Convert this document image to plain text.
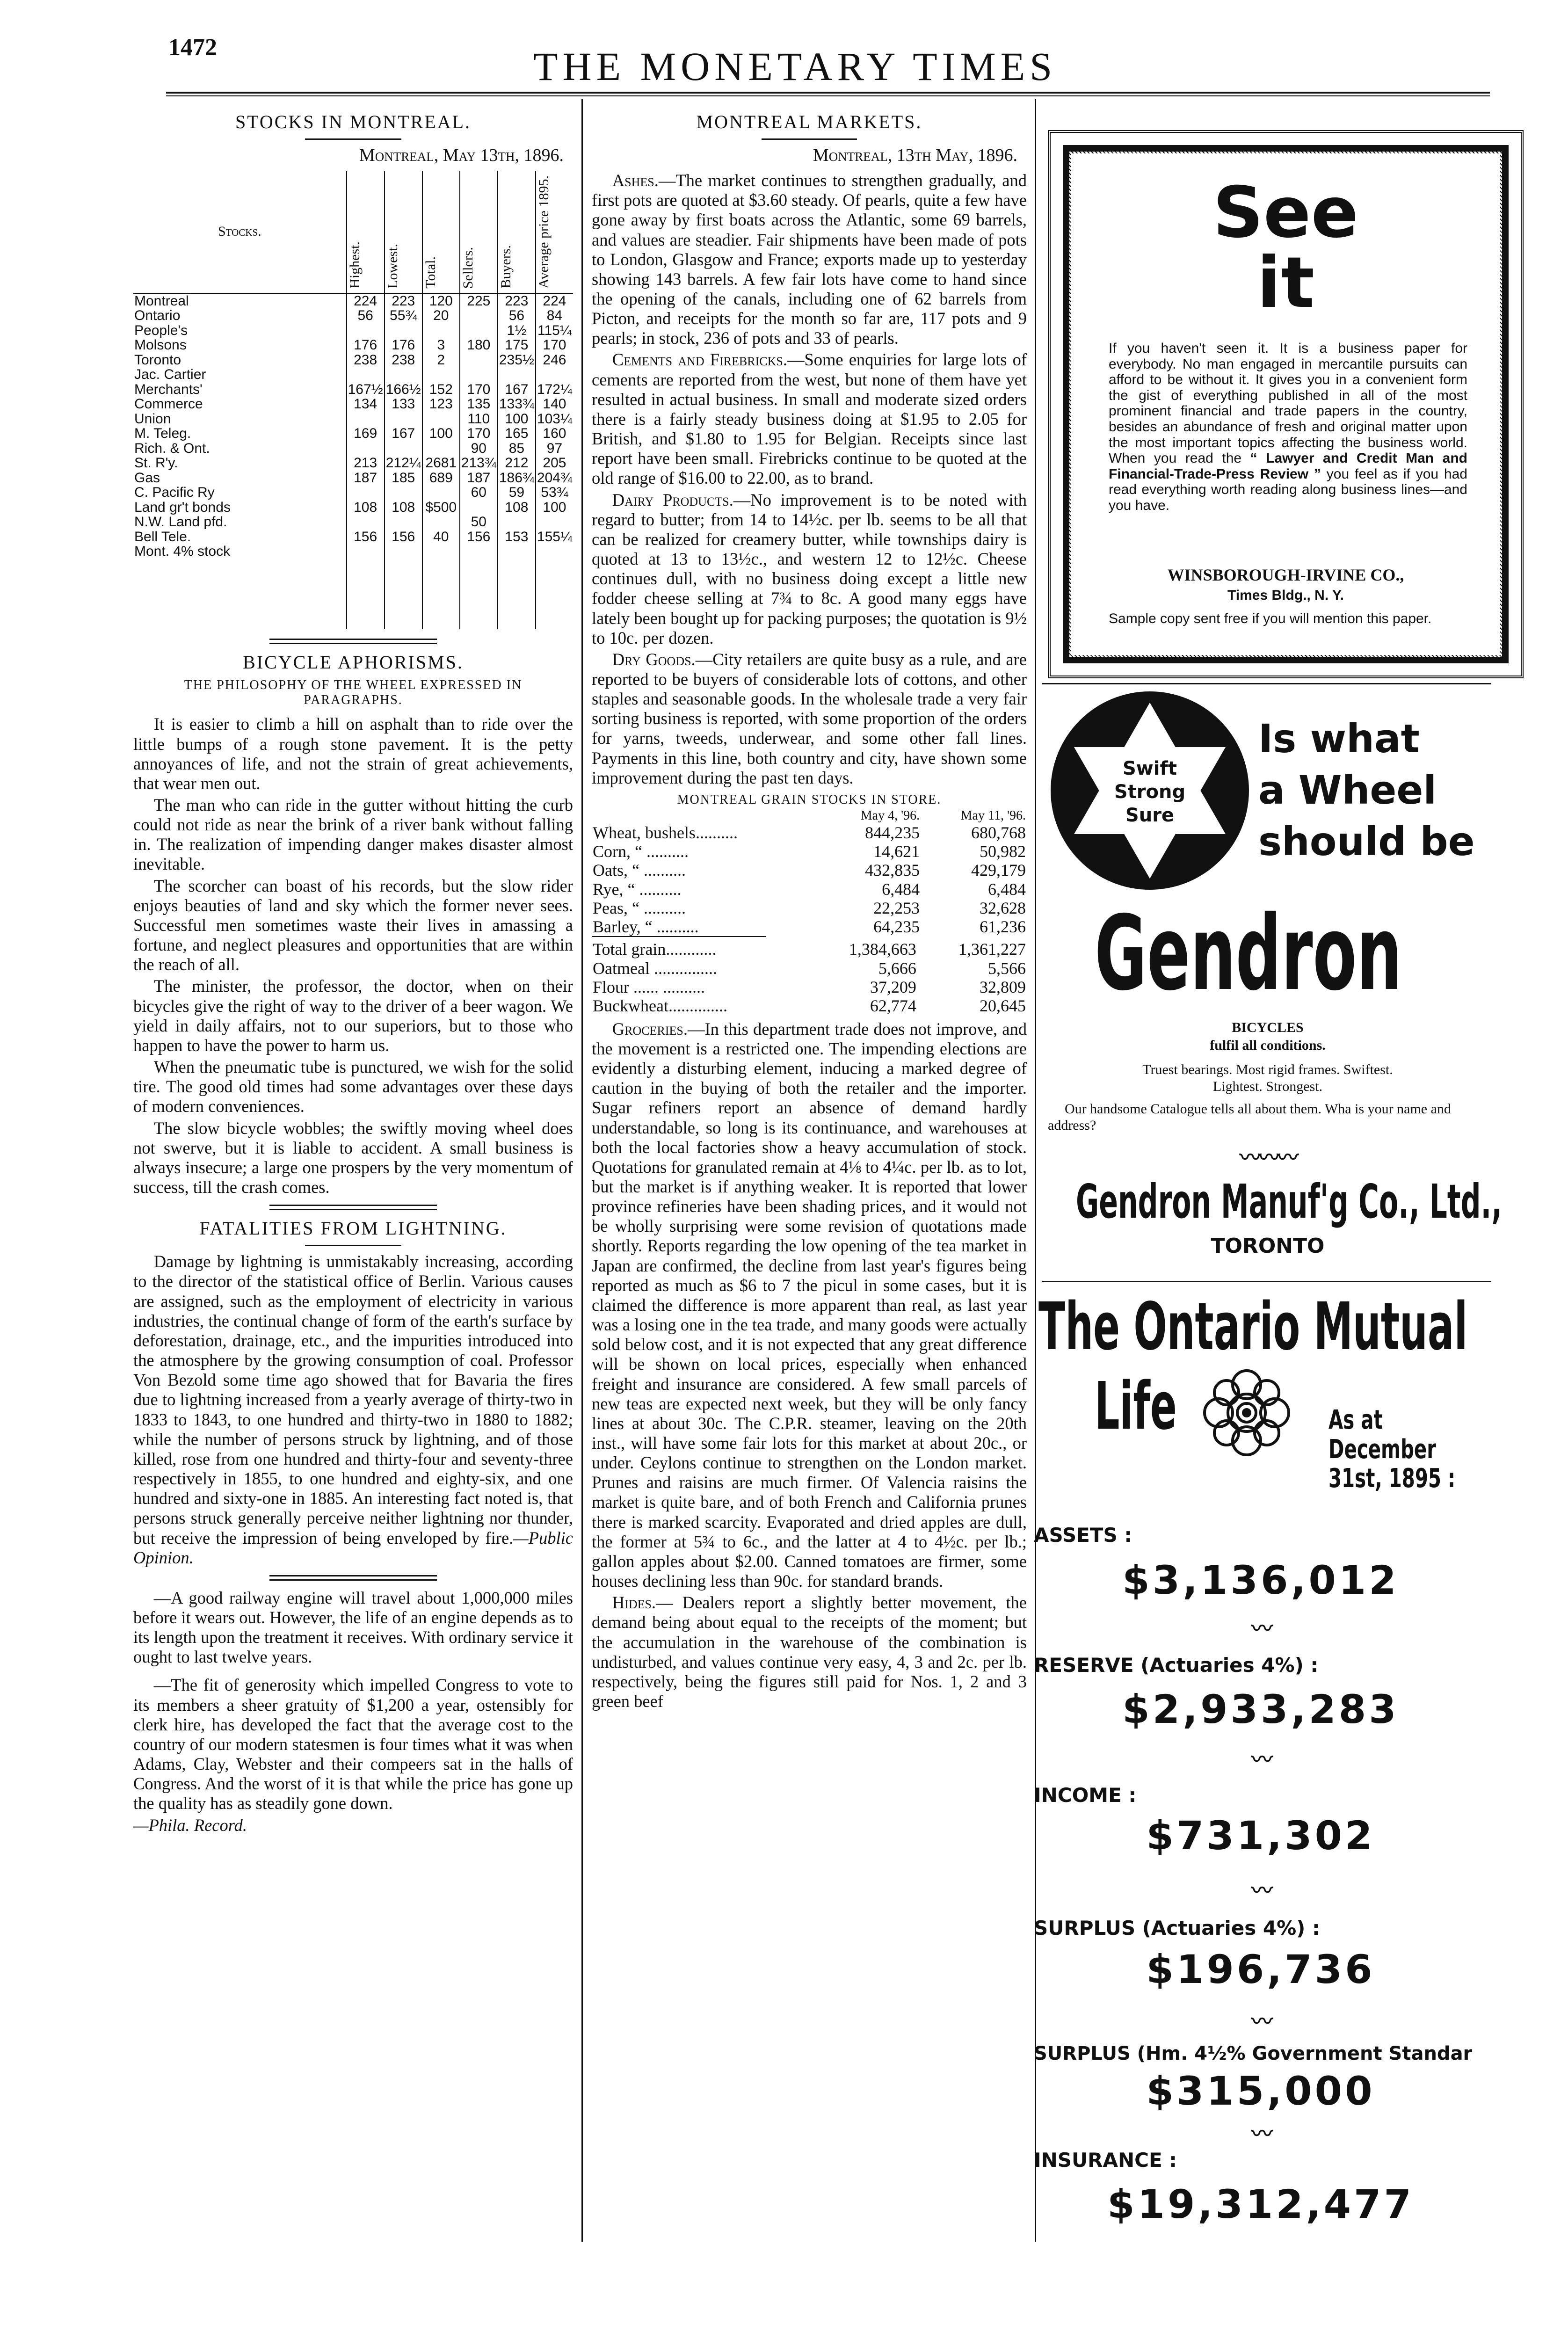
1472	THE MONETARY TIMES
STOCKS IN MONTREAL.
Montreal, May 13th, 1896.
Stocks.	Highest.	Lowest.	Total.	Sellers.	Buyers.	Average price 1895.
Montreal	224	223	120	225	223	224
Ontario	56	55¾	20		56	84
People's					1½	115¼
Molsons	176	176	3	180	175	170
Toronto	238	238	2		235½	246
Jac. Cartier						
Merchants'	167½	166½	152	170	167	172¼
Commerce	134	133	123	135	133¾	140
Union				110	100	103¼
M. Teleg.	169	167	100	170	165	160
Rich. & Ont.				90	85	97
St. R'y.	213	212¼	2681	213¾	212	205
Gas	187	185	689	187	186¾	204¾
C. Pacific Ry				60	59	53¾
Land gr't bonds	108	108	$500		108	100
N.W. Land pfd.				50		
Bell Tele.	156	156	40	156	153	155¼
Mont. 4% stock						

BICYCLE APHORISMS.
THE PHILOSOPHY OF THE WHEEL EXPRESSED IN PARAGRAPHS.

It is easier to climb a hill on asphalt than to ride over the little bumps of a rough stone pavement. It is the petty annoyances of life, and not the strain of great achievements, that wear men out.

The man who can ride in the gutter without hitting the curb could not ride as near the brink of a river bank without falling in. The realization of impending danger makes disaster almost inevitable.

The scorcher can boast of his records, but the slow rider enjoys beauties of land and sky which the former never sees. Successful men sometimes waste their lives in amassing a fortune, and neglect pleasures and opportunities that are within the reach of all.

The minister, the professor, the doctor, when on their bicycles give the right of way to the driver of a beer wagon. We yield in daily affairs, not to our superiors, but to those who happen to have the power to harm us.

When the pneumatic tube is punctured, we wish for the solid tire. The good old times had some advantages over these days of modern conveniences.

The slow bicycle wobbles; the swiftly moving wheel does not swerve, but it is liable to accident. A small business is always insecure; a large one prospers by the very momentum of success, till the crash comes.

FATALITIES FROM LIGHTNING.

Damage by lightning is unmistakably increasing, according to the director of the statistical office of Berlin. Various causes are assigned, such as the employment of electricity in various industries, the continual change of form of the earth's surface by deforestation, drainage, etc., and the impurities introduced into the atmosphere by the growing consumption of coal. Professor Von Bezold some time ago showed that for Bavaria the fires due to lightning increased from a yearly average of thirty-two in 1833 to 1843, to one hundred and thirty-two in 1880 to 1882; while the number of persons struck by lightning, and of those killed, rose from one hundred and thirty-four and seventy-three respectively in 1855, to one hundred and eighty-six, and one hundred and sixty-one in 1885. An interesting fact noted is, that persons struck generally perceive neither lightning nor thunder, but receive the impression of being enveloped by fire.—Public Opinion.

—A good railway engine will travel about 1,000,000 miles before it wears out. However, the life of an engine depends as to its length upon the treatment it receives. With ordinary service it ought to last twelve years.

—The fit of generosity which impelled Congress to vote to its members a sheer gratuity of $1,200 a year, ostensibly for clerk hire, has developed the fact that the average cost to the country of our modern statesmen is four times what it was when Adams, Clay, Webster and their compeers sat in the halls of Congress. And the worst of it is that while the price has gone up the quality has as steadily gone down.

—Phila. Record.

MONTREAL MARKETS.
Montreal, 13th May, 1896.

Ashes.—The market continues to strengthen gradually, and first pots are quoted at $3.60 steady. Of pearls, quite a few have gone away by first boats across the Atlantic, some 69 barrels, and values are steadier. Fair shipments have been made of pots to London, Glasgow and France; exports made up to yesterday showing 143 barrels. A few fair lots have come to hand since the opening of the canals, including one of 62 barrels from Picton, and receipts for the month so far are, 117 pots and 9 pearls; in stock, 236 of pots and 33 of pearls.

Cements and Firebricks.—Some enquiries for large lots of cements are reported from the west, but none of them have yet resulted in actual business. In small and moderate sized orders there is a fairly steady business doing at $1.95 to 2.05 for British, and $1.80 to 1.95 for Belgian. Receipts since last report have been small. Firebricks continue to be quoted at the old range of $16.00 to 22.00, as to brand.

Dairy Products.—No improvement is to be noted with regard to butter; from 14 to 14½c. per lb. seems to be all that can be realized for creamery butter, while townships dairy is quoted at 13 to 13½c., and western 12 to 12½c. Cheese continues dull, with no business doing except a little new fodder cheese selling at 7¾ to 8c. A good many eggs have lately been bought up for packing purposes; the quotation is 9½ to 10c. per dozen.

Dry Goods.—City retailers are quite busy as a rule, and are reported to be buyers of considerable lots of cottons, and other staples and seasonable goods. In the wholesale trade a very fair sorting business is reported, with some proportion of the orders for yarns, tweeds, underwear, and some other fall lines. Payments in this line, both country and city, have shown some improvement during the past ten days.

MONTREAL GRAIN STOCKS IN STORE.
	May 4, '96.	May 11, '96.
Wheat, bushels..........	844,235	680,768
Corn, “ ..........	14,621	50,982
Oats, “ ..........	432,835	429,179
Rye, “ ..........	6,484	6,484
Peas, “ ..........	22,253	32,628
Barley, “ ..........	64,235	61,236
Total grain............	1,384,663	1,361,227
Oatmeal ...............	5,666	5,566
Flour ...... ..........	37,209	32,809
Buckwheat..............	62,774	20,645

Groceries.—In this department trade does not improve, and the movement is a restricted one. The impending elections are evidently a disturbing element, inducing a marked degree of caution in the buying of both the retailer and the importer. Sugar refiners report an absence of demand hardly understandable, so long is its continuance, and warehouses at both the local factories show a heavy accumulation of stock. Quotations for granulated remain at 4⅛ to 4¼c. per lb. as to lot, but the market is if anything weaker. It is reported that lower province refineries have been shading prices, and it would not be wholly surprising were some revision of quotations made shortly. Reports regarding the low opening of the tea market in Japan are confirmed, the decline from last year's figures being reported as much as $6 to 7 the picul in some cases, but it is claimed the difference is more apparent than real, as last year was a losing one in the tea trade, and many goods were actually sold below cost, and it is not expected that any great difference will be shown on local prices, especially when enhanced freight and insurance are considered. A few small parcels of new teas are expected next week, but they will be only fancy lines at about 30c. The C.P.R. steamer, leaving on the 20th inst., will have some fair lots for this market at about 20c., or under. Ceylons continue to strengthen on the London market. Prunes and raisins are much firmer. Of Valencia raisins the market is quite bare, and of both French and California prunes there is marked scarcity. Evaporated and dried apples are dull, the former at 5¾ to 6c., and the latter at 4 to 4½c. per lb.; gallon apples about $2.00. Canned tomatoes are firmer, some houses declining less than 90c. for standard brands.

Hides.— Dealers report a slightly better movement, the demand being about equal to the receipts of the moment; but the accumulation in the warehouse of the combination is undisturbed, and values continue very easy, 4, 3 and 2c. per lb. respectively, being the figures still paid for Nos. 1, 2 and 3 green beef

See
it
If you haven't seen it. It is a business paper for everybody. No man engaged in mercantile pursuits can afford to be without it. It gives you in a convenient form the gist of everything published in all of the most prominent financial and trade papers in the country, besides an abundance of fresh and original matter upon the most important topics affecting the business world. When you read the “ Lawyer and Credit Man and Financial-Trade-Press Review ” you feel as if you had read everything worth reading along business lines—and you have.
WINSBOROUGH-IRVINE CO.,
Times Bldg., N. Y.
Sample copy sent free if you will mention this paper.
Swift
Strong
Sure
Is what
a Wheel
should be
Gendron
BICYCLES
fulfil all conditions.
Truest bearings. Most rigid frames. Swiftest.
Lightest. Strongest.
Our handsome Catalogue tells all about them. Wha is your name and address?
〰〰〰
Gendron Manuf'g Co., Ltd.,
TORONTO
The Ontario Mutual
Life	As at
December
31st, 1895 :
ASSETS :
$3,136,012
〰
RESERVE (Actuaries 4%) :
$2,933,283
〰
INCOME :
$731,302
〰
SURPLUS (Actuaries 4%) :
$196,736
〰
SURPLUS (Hm. 4½% Government Standar
$315,000
〰
INSURANCE :
$19,312,477
